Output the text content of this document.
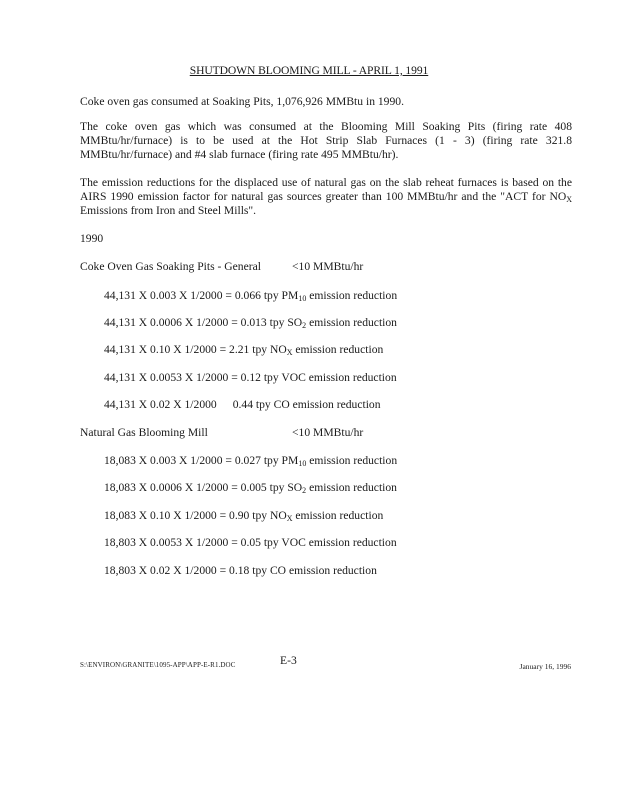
SHUTDOWN BLOOMING MILL - APRIL 1, 1991
Coke oven gas consumed at Soaking Pits, 1,076,926 MMBtu in 1990.
The coke oven gas which was consumed at the Blooming Mill Soaking Pits (firing rate 408 MMBtu/hr/furnace) is to be used at the Hot Strip Slab Furnaces (1 - 3) (firing rate 321.8 MMBtu/hr/furnace) and #4 slab furnace (firing rate 495 MMBtu/hr).
The emission reductions for the displaced use of natural gas on the slab reheat furnaces is based on the AIRS 1990 emission factor for natural gas sources greater than 100 MMBtu/hr and the "ACT for $NO_X$ Emissions from Iron and Steel Mills".
1990
Coke Oven Gas Soaking Pits - General	<10 MMBtu/hr
44,131 X 0.003 X 1/2000 = 0.066 tpy $PM_{10}$ emission reduction
44,131 X 0.0006 X 1/2000 = 0.013 tpy $SO_2$ emission reduction
44,131 X 0.10 X 1/2000 = 2.21 tpy $NO_X$ emission reduction
44,131 X 0.0053 X 1/2000 = 0.12 tpy VOC emission reduction
44,131 X 0.02 X 1/2000 0.44 tpy CO emission reduction
Natural Gas Blooming Mill	<10 MMBtu/hr
18,083 X 0.003 X 1/2000 = 0.027 tpy $PM_{10}$ emission reduction
18,083 X 0.0006 X 1/2000 = 0.005 tpy $SO_2$ emission reduction
18,083 X 0.10 X 1/2000 = 0.90 tpy $NO_X$ emission reduction
18,803 X 0.0053 X 1/2000 = 0.05 tpy VOC emission reduction
18,803 X 0.02 X 1/2000 = 0.18 tpy CO emission reduction
S:\ENVIRON\GRANITE\1095-APP\APP-E-R1.DOC	E-3	January 16, 1996
